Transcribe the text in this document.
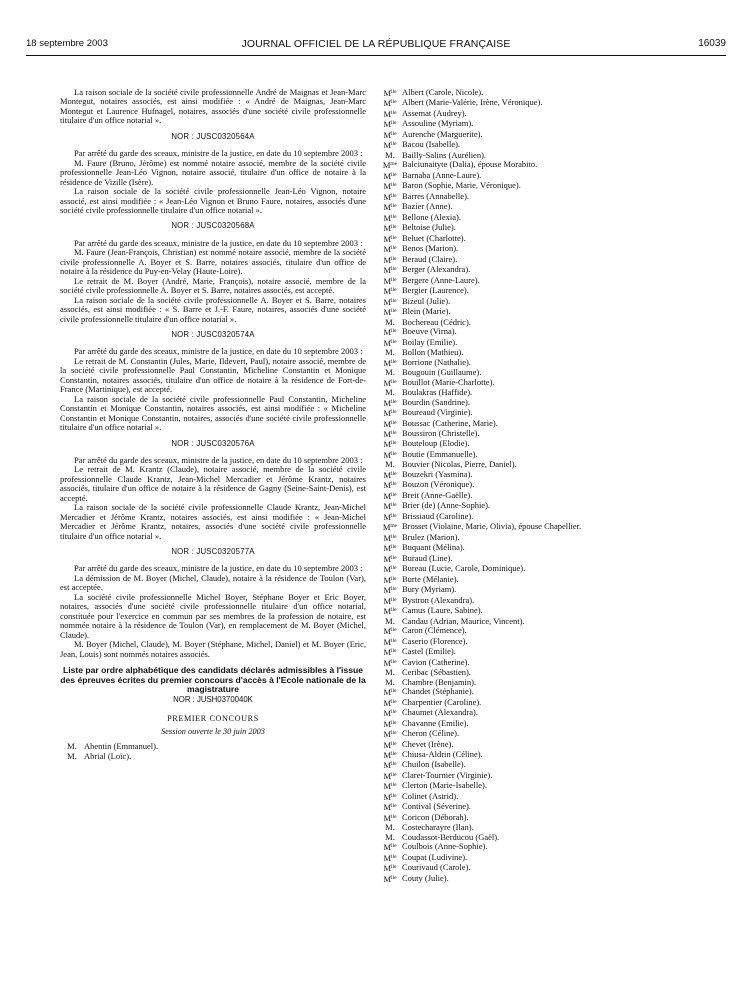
18 septembre 2003	JOURNAL OFFICIEL DE LA RÉPUBLIQUE FRANÇAISE	16039

La raison sociale de la société civile professionnelle André de Maignas et Jean-Marc Montegut, notaires associés, est ainsi modifiée : « André de Maignas, Jean-Marc Montegut et Laurence Hufnagel, notaires, associés d'une société civile professionnelle titulaire d'un office notarial ».

NOR : JUSC0320564A

Par arrêté du garde des sceaux, ministre de la justice, en date du 10 septembre 2003 :

M. Faure (Bruno, Jérôme) est nommé notaire associé, membre de la société civile professionnelle Jean-Léo Vignon, notaire associé, titulaire d'un office de notaire à la résidence de Vizille (Isère).

La raison sociale de la société civile professionnelle Jean-Léo Vignon, notaire associé, est ainsi modifiée : « Jean-Léo Vignon et Bruno Faure, notaires, associés d'une société civile professionnelle titulaire d'un office notarial ».

NOR : JUSC0320568A

Par arrêté du garde des sceaux, ministre de la justice, en date du 10 septembre 2003 :

M. Faure (Jean-François, Christian) est nommé notaire associé, membre de la société civile professionnelle A. Boyer et S. Barre, notaires associés, titulaire d'un office de notaire à la résidence du Puy-en-Velay (Haute-Loire).

Le retrait de M. Boyer (André, Marie, François), notaire associé, membre de la société civile professionnelle A. Boyer et S. Barre, notaires associés, est accepté.

La raison sociale de la société civile professionnelle A. Boyer et S. Barre, notaires associés, est ainsi modifiée : « S. Barre et J.-F. Faure, notaires, associés d'une société civile professionnelle titulaire d'un office notarial ».

NOR : JUSC0320574A

Par arrêté du garde des sceaux, ministre de la justice, en date du 10 septembre 2003 :

Le retrait de M. Constantin (Jules, Marie, Ildevert, Paul), notaire associé, membre de la société civile professionnelle Paul Constantin, Micheline Constantin et Monique Constantin, notaires associés, titulaire d'un office de notaire à la résidence de Fort-de-France (Martinique), est accepté.

La raison sociale de la société civile professionnelle Paul Constantin, Micheline Constantin et Monique Constantin, notaires associés, est ainsi modifiée : « Micheline Constantin et Monique Constantin, notaires, associés d'une société civile professionnelle titulaire d'un office notarial ».

NOR : JUSC0320576A

Par arrêté du garde des sceaux, ministre de la justice, en date du 10 septembre 2003 :

Le retrait de M. Krantz (Claude), notaire associé, membre de la société civile professionnelle Claude Krantz, Jean-Michel Mercadier et Jérôme Krantz, notaires associés, titulaire d'un office de notaire à la résidence de Gagny (Seine-Saint-Denis), est accepté.

La raison sociale de la société civile professionnelle Claude Krantz, Jean-Michel Mercadier et Jérôme Krantz, notaires associés, est ainsi modifiée : « Jean-Michel Mercadier et Jérôme Krantz, notaires, associés d'une société civile professionnelle titulaire d'un office notarial ».

NOR : JUSC0320577A

Par arrêté du garde des sceaux, ministre de la justice, en date du 10 septembre 2003 :

La démission de M. Boyer (Michel, Claude), notaire à la résidence de Toulon (Var), est acceptée.

La société civile professionnelle Michel Boyer, Stéphane Boyer et Eric Boyer, notaires, associés d'une société civile professionnelle titulaire d'un office notarial, constituée pour l'exercice en commun par ses membres de la profession de notaire, est nommée notaire à la résidence de Toulon (Var), en remplacement de M. Boyer (Michel, Claude).

M. Boyer (Michel, Claude), M. Boyer (Stéphane, Michel, Daniel) et M. Boyer (Eric, Jean, Louis) sont nommés notaires associés.

Liste par ordre alphabétique des candidats déclarés admissibles à l'issue des épreuves écrites du premier concours d'accès à l'Ecole nationale de la magistrature
NOR : JUSH0370040K
PREMIER CONCOURS
Session ouverte le 30 juin 2003
M. Abentin (Emmanuel).
M. Abrial (Loïc).
$M^{lle}$ Albert (Carole, Nicole).
$M^{lle}$ Albert (Marie-Valérie, Irène, Véronique).
$M^{lle}$ Assemat (Audrey).
$M^{lle}$ Assouline (Myriam).
$M^{lle}$ Aurenche (Marguerite).
$M^{lle}$ Bacou (Isabelle).
M. Bailly-Salins (Aurélien).
$M^{me}$ Balciunaityte (Dalia), épouse Morabito.
$M^{lle}$ Barnaba (Anne-Laure).
$M^{lle}$ Baron (Sophie, Marie, Véronique).
$M^{lle}$ Barres (Annabelle).
$M^{lle}$ Bazier (Anne).
$M^{lle}$ Bellone (Alexia).
$M^{lle}$ Beltoise (Julie).
$M^{lle}$ Beluet (Charlotte).
$M^{lle}$ Benos (Marion).
$M^{lle}$ Beraud (Claire).
$M^{lle}$ Berger (Alexandra).
$M^{lle}$ Bergere (Anne-Laure).
$M^{lle}$ Bergier (Laurence).
$M^{lle}$ Bizeul (Julie).
$M^{lle}$ Blein (Marie).
M. Bochereau (Cédric).
$M^{lle}$ Boeuve (Virna).
$M^{lle}$ Boilay (Emilie).
M. Bollon (Mathieu).
$M^{lle}$ Borrione (Nathalie).
M. Bougouin (Guillaume).
$M^{lle}$ Bouillot (Marie-Charlotte).
M. Boulakras (Haffide).
$M^{lle}$ Bourdin (Sandrine).
$M^{lle}$ Boureaud (Virginie).
$M^{lle}$ Boussac (Catherine, Marie).
$M^{lle}$ Boussiron (Christelle).
$M^{lle}$ Bouteloup (Elodie).
$M^{lle}$ Boutie (Emmanuelle).
M. Bouvier (Nicolas, Pierre, Daniel).
$M^{lle}$ Bouzekri (Yasmina).
$M^{lle}$ Bouzon (Véronique).
$M^{lle}$ Breit (Anne-Gaëlle).
$M^{lle}$ Brier (de) (Anne-Sophie).
$M^{lle}$ Brissiaud (Caroline).
$M^{me}$ Brosset (Violaine, Marie, Olivia), épouse Chapellier.
$M^{lle}$ Brulez (Marion).
$M^{lle}$ Buquant (Mélina).
$M^{lle}$ Buraud (Line).
$M^{lle}$ Bureau (Lucie, Carole, Dominique).
$M^{lle}$ Burte (Mélanie).
$M^{lle}$ Bury (Myriam).
$M^{lle}$ Bystron (Alexandra).
$M^{lle}$ Camus (Laure, Sabine).
M. Candau (Adrian, Maurice, Vincent).
$M^{lle}$ Caron (Clémence).
$M^{lle}$ Caserio (Florence).
$M^{lle}$ Castel (Emilie).
$M^{lle}$ Cavion (Catherine).
M. Ceribac (Sébastien).
M. Chambre (Benjamin).
$M^{lle}$ Chandet (Stéphanie).
$M^{lle}$ Charpentier (Caroline).
$M^{lle}$ Chaumet (Alexandra).
$M^{lle}$ Chavanne (Emilie).
$M^{lle}$ Cheron (Céline).
$M^{lle}$ Chevet (Irène).
$M^{lle}$ Chiusa-Aldrin (Céline).
$M^{lle}$ Chuilon (Isabelle).
$M^{lle}$ Claret-Tournier (Virginie).
$M^{lle}$ Clerton (Marie-Isabelle).
$M^{lle}$ Colinet (Astrid).
$M^{lle}$ Contival (Séverine).
$M^{lle}$ Coricon (Déborah).
M. Costecharayre (Ilan).
M. Coudassot-Berducou (Gaël).
$M^{lle}$ Coulbois (Anne-Sophie).
$M^{lle}$ Coupat (Ludivine).
$M^{lle}$ Courivaud (Carole).
$M^{lle}$ Couty (Julie).
